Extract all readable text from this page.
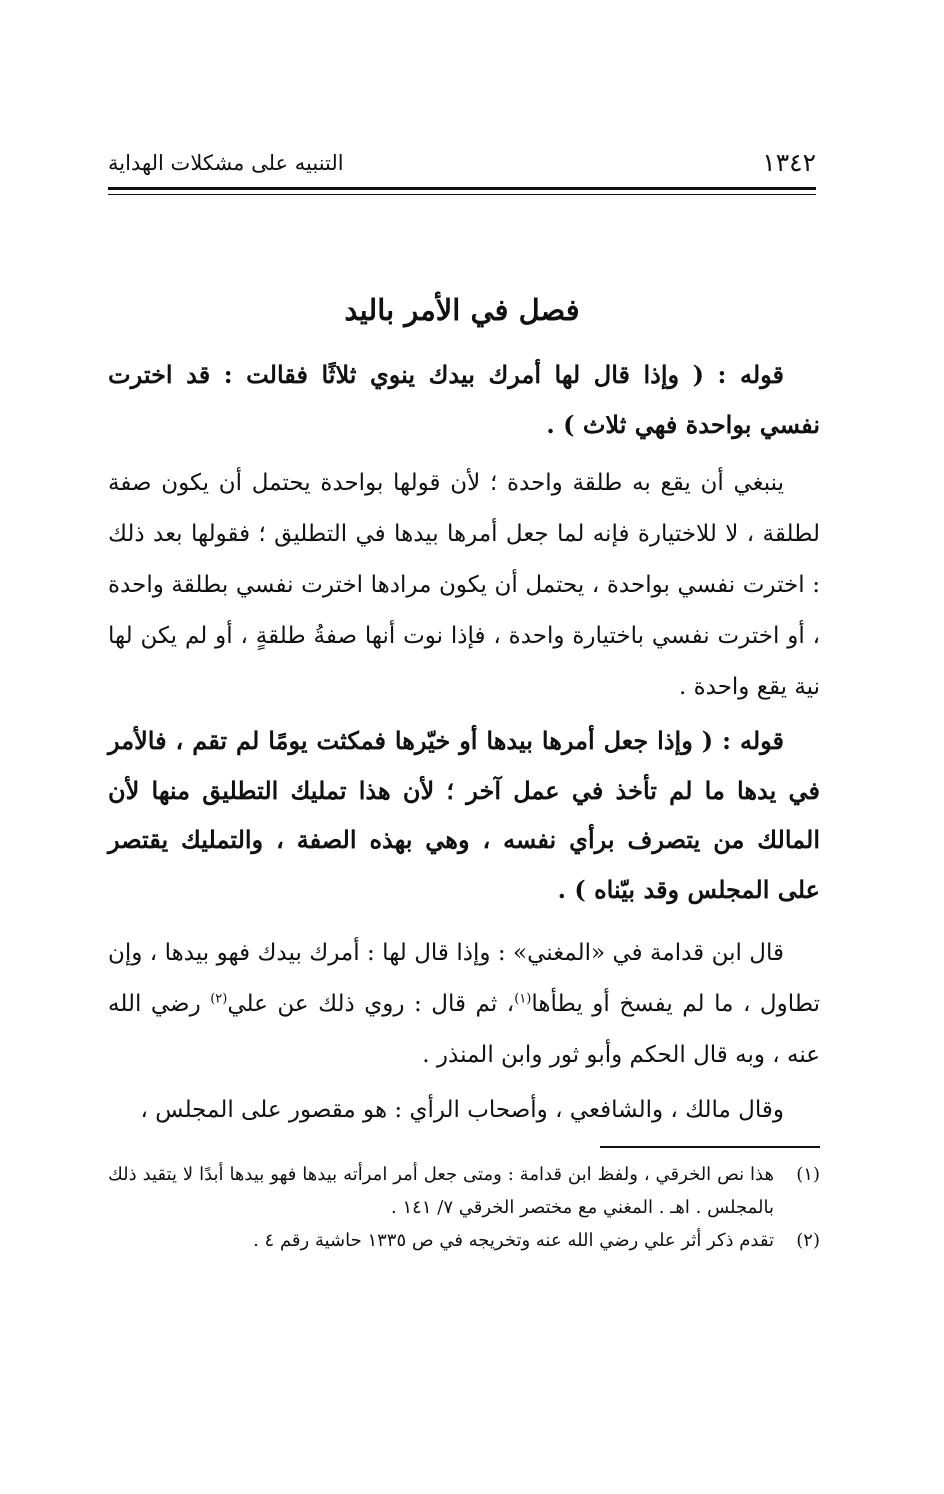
١٣٤٢
التنبيه على مشكلات الهداية
فصل في الأمر باليد

قوله : ( وإذا قال لها أمرك بيدك ينوي ثلاثًا فقالت : قد اخترت نفسي بواحدة فهي ثلاث ) .

ينبغي أن يقع به طلقة واحدة ؛ لأن قولها بواحدة يحتمل أن يكون صفة لطلقة ، لا للاختيارة فإنه لما جعل أمرها بيدها في التطليق ؛ فقولها بعد ذلك : اخترت نفسي بواحدة ، يحتمل أن يكون مرادها اخترت نفسي بطلقة واحدة ، أو اخترت نفسي باختيارة واحدة ، فإذا نوت أنها صفةُ طلقةٍ ، أو لم يكن لها نية يقع واحدة .

قوله : ( وإذا جعل أمرها بيدها أو خيّرها فمكثت يومًا لم تقم ، فالأمر في يدها ما لم تأخذ في عمل آخر ؛ لأن هذا تمليك التطليق منها لأن المالك من يتصرف برأي نفسه ، وهي بهذه الصفة ، والتمليك يقتصر على المجلس وقد بيّناه ) .

قال ابن قدامة في «المغني» : وإذا قال لها : أمرك بيدك فهو بيدها ، وإن تطاول ، ما لم يفسخ أو يطأها$^{(١)}$، ثم قال : روي ذلك عن علي$^{(٢)}$ رضي الله عنه ، وبه قال الحكم وأبو ثور وابن المنذر .

وقال مالك ، والشافعي ، وأصحاب الرأي : هو مقصور على المجلس ،

(١)
هذا نص الخرقي ، ولفظ ابن قدامة : ومتى جعل أمر امرأته بيدها فهو بيدها أبدًا لا يتقيد ذلك بالمجلس . اهـ . المغني مع مختصر الخرقي ٧/ ١٤١ .
(٢)
تقدم ذكر أثر علي رضي الله عنه وتخريجه في ص ١٣٣٥ حاشية رقم ٤ .
